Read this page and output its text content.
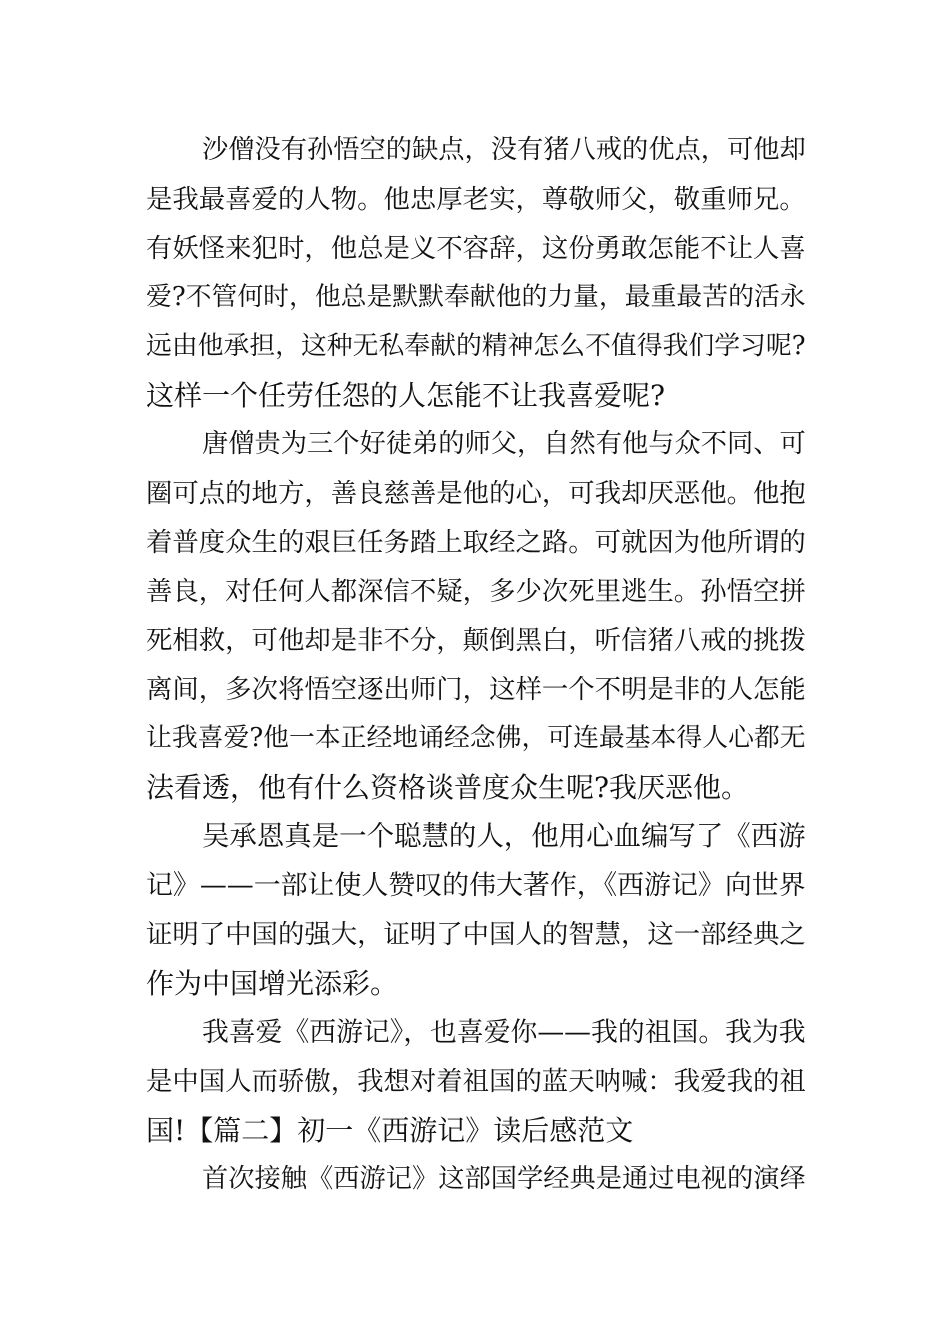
沙僧没有孙悟空的缺点，没有猪八戒的优点，可他却
是我最喜爱的人物。他忠厚老实，尊敬师父，敬重师兄。
有妖怪来犯时，他总是义不容辞，这份勇敢怎能不让人喜
爱?不管何时，他总是默默奉献他的力量，最重最苦的活永
远由他承担，这种无私奉献的精神怎么不值得我们学习呢?
这样一个任劳任怨的人怎能不让我喜爱呢?

唐僧贵为三个好徒弟的师父，自然有他与众不同、可
圈可点的地方，善良慈善是他的心，可我却厌恶他。他抱
着普度众生的艰巨任务踏上取经之路。可就因为他所谓的
善良，对任何人都深信不疑，多少次死里逃生。孙悟空拼
死相救，可他却是非不分，颠倒黑白，听信猪八戒的挑拨
离间，多次将悟空逐出师门，这样一个不明是非的人怎能
让我喜爱?他一本正经地诵经念佛，可连最基本得人心都无
法看透，他有什么资格谈普度众生呢?我厌恶他。

吴承恩真是一个聪慧的人，他用心血编写了《西游
记》——一部让使人赞叹的伟大著作，《西游记》向世界
证明了中国的强大，证明了中国人的智慧，这一部经典之
作为中国增光添彩。

我喜爱《西游记》，也喜爱你——我的祖国。我为我
是中国人而骄傲，我想对着祖国的蓝天呐喊：我爱我的祖
国!【篇二】初一《西游记》读后感范文

首次接触《西游记》这部国学经典是通过电视的演绎
